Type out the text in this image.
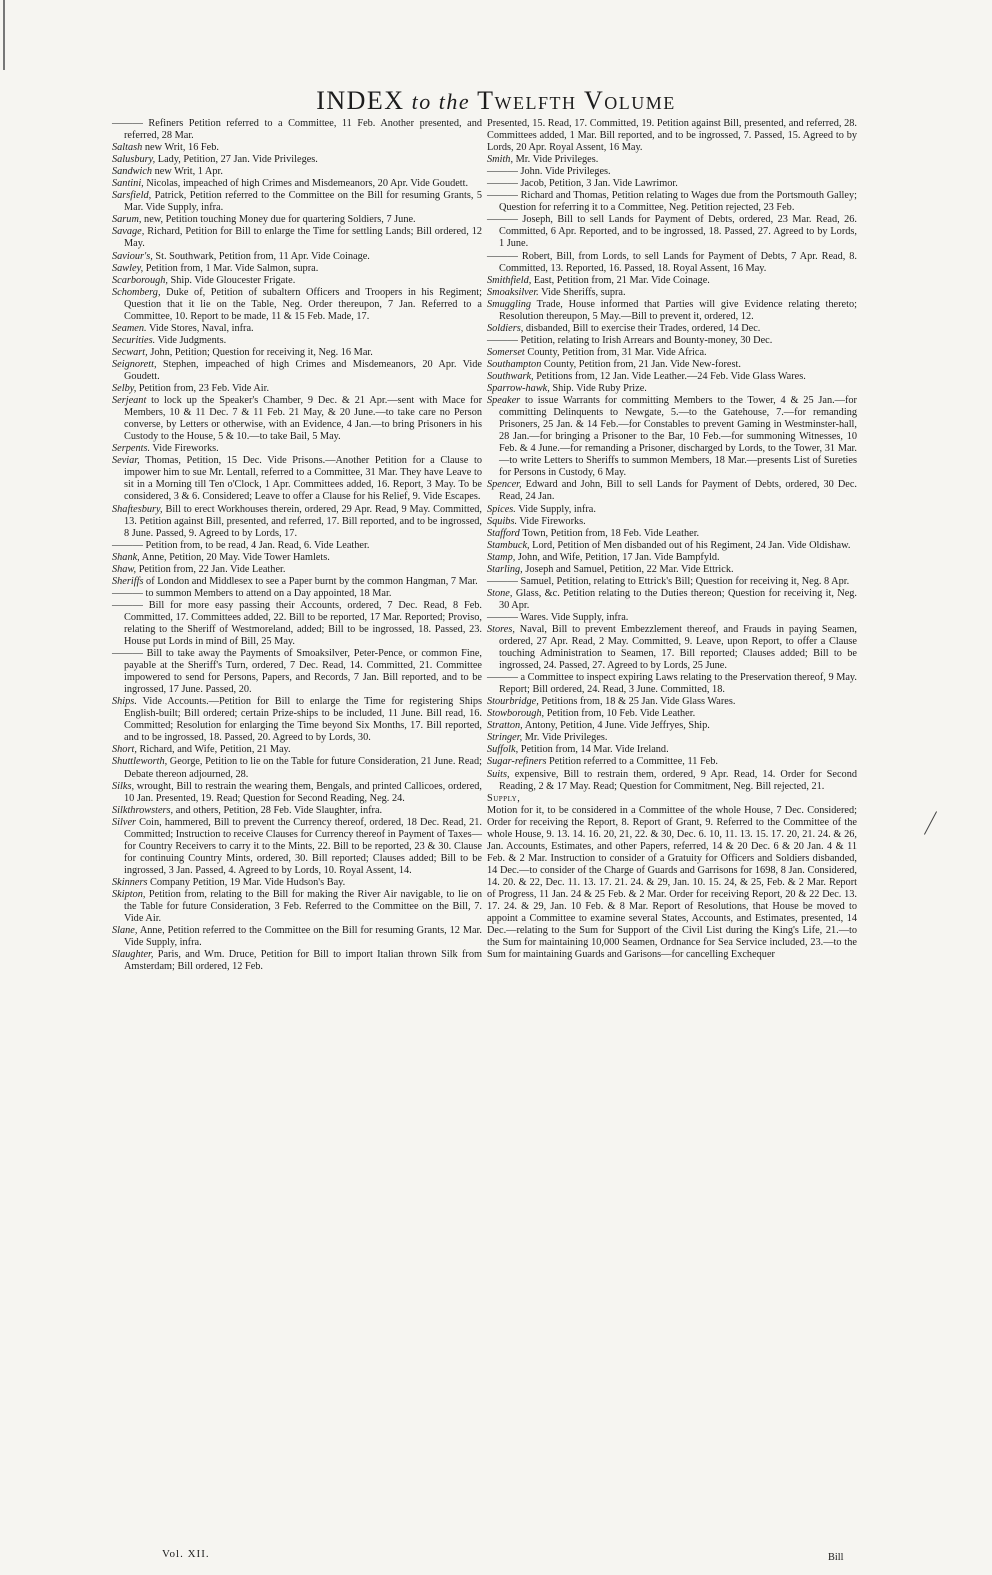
INDEX to the Twelfth Volume

——— Refiners Petition referred to a Committee, 11 Feb. Another presented, and referred, 28 Mar.

Saltash new Writ, 16 Feb.

Salusbury, Lady, Petition, 27 Jan. Vide Privileges.

Sandwich new Writ, 1 Apr.

Santini, Nicolas, impeached of high Crimes and Misdemeanors, 20 Apr. Vide Goudett.

Sarsfield, Patrick, Petition referred to the Committee on the Bill for resuming Grants, 5 Mar. Vide Supply, infra.

Sarum, new, Petition touching Money due for quartering Soldiers, 7 June.

Savage, Richard, Petition for Bill to enlarge the Time for settling Lands; Bill ordered, 12 May.

Saviour's, St. Southwark, Petition from, 11 Apr. Vide Coinage.

Sawley, Petition from, 1 Mar. Vide Salmon, supra.

Scarborough, Ship. Vide Gloucester Frigate.

Schomberg, Duke of, Petition of subaltern Officers and Troopers in his Regiment; Question that it lie on the Table, Neg. Order thereupon, 7 Jan. Referred to a Committee, 10. Report to be made, 11 & 15 Feb. Made, 17.

Seamen. Vide Stores, Naval, infra.

Securities. Vide Judgments.

Secwart, John, Petition; Question for receiving it, Neg. 16 Mar.

Seignorett, Stephen, impeached of high Crimes and Misdemeanors, 20 Apr. Vide Goudett.

Selby, Petition from, 23 Feb. Vide Air.

Serjeant to lock up the Speaker's Chamber, 9 Dec. & 21 Apr.—sent with Mace for Members, 10 & 11 Dec. 7 & 11 Feb. 21 May, & 20 June.—to take care no Person converse, by Letters or otherwise, with an Evidence, 4 Jan.—to bring Prisoners in his Custody to the House, 5 & 10.—to take Bail, 5 May.

Serpents. Vide Fireworks.

Seviar, Thomas, Petition, 15 Dec. Vide Prisons.—Another Petition for a Clause to impower him to sue Mr. Lentall, referred to a Committee, 31 Mar. They have Leave to sit in a Morning till Ten o'Clock, 1 Apr. Committees added, 16. Report, 3 May. To be considered, 3 & 6. Considered; Leave to offer a Clause for his Relief, 9. Vide Escapes.

Shaftesbury, Bill to erect Workhouses therein, ordered, 29 Apr. Read, 9 May. Committed, 13. Petition against Bill, presented, and referred, 17. Bill reported, and to be ingrossed, 8 June. Passed, 9. Agreed to by Lords, 17.

——— Petition from, to be read, 4 Jan. Read, 6. Vide Leather.

Shank, Anne, Petition, 20 May. Vide Tower Hamlets.

Shaw, Petition from, 22 Jan. Vide Leather.

Sheriffs of London and Middlesex to see a Paper burnt by the common Hangman, 7 Mar.

——— to summon Members to attend on a Day appointed, 18 Mar.

——— Bill for more easy passing their Accounts, ordered, 7 Dec. Read, 8 Feb. Committed, 17. Committees added, 22. Bill to be reported, 17 Mar. Reported; Proviso, relating to the Sheriff of Westmoreland, added; Bill to be ingrossed, 18. Passed, 23. House put Lords in mind of Bill, 25 May.

——— Bill to take away the Payments of Smoaksilver, Peter-Pence, or common Fine, payable at the Sheriff's Turn, ordered, 7 Dec. Read, 14. Committed, 21. Committee impowered to send for Persons, Papers, and Records, 7 Jan. Bill reported, and to be ingrossed, 17 June. Passed, 20.

Ships. Vide Accounts.—Petition for Bill to enlarge the Time for registering Ships English-built; Bill ordered; certain Prize-ships to be included, 11 June. Bill read, 16. Committed; Resolution for enlarging the Time beyond Six Months, 17. Bill reported, and to be ingrossed, 18. Passed, 20. Agreed to by Lords, 30.

Short, Richard, and Wife, Petition, 21 May.

Shuttleworth, George, Petition to lie on the Table for future Consideration, 21 June. Read; Debate thereon adjourned, 28.

Silks, wrought, Bill to restrain the wearing them, Bengals, and printed Callicoes, ordered, 10 Jan. Presented, 19. Read; Question for Second Reading, Neg. 24.

Silkthrowsters, and others, Petition, 28 Feb. Vide Slaughter, infra.

Silver Coin, hammered, Bill to prevent the Currency thereof, ordered, 18 Dec. Read, 21. Committed; Instruction to receive Clauses for Currency thereof in Payment of Taxes—for Country Receivers to carry it to the Mints, 22. Bill to be reported, 23 & 30. Clause for continuing Country Mints, ordered, 30. Bill reported; Clauses added; Bill to be ingrossed, 3 Jan. Passed, 4. Agreed to by Lords, 10. Royal Assent, 14.

Skinners Company Petition, 19 Mar. Vide Hudson's Bay.

Skipton, Petition from, relating to the Bill for making the River Air navigable, to lie on the Table for future Consideration, 3 Feb. Referred to the Committee on the Bill, 7. Vide Air.

Slane, Anne, Petition referred to the Committee on the Bill for resuming Grants, 12 Mar. Vide Supply, infra.

Slaughter, Paris, and Wm. Druce, Petition for Bill to import Italian thrown Silk from Amsterdam; Bill ordered, 12 Feb.

Presented, 15. Read, 17. Committed, 19. Petition against Bill, presented, and referred, 28. Committees added, 1 Mar. Bill reported, and to be ingrossed, 7. Passed, 15. Agreed to by Lords, 20 Apr. Royal Assent, 16 May.

Smith, Mr. Vide Privileges.

——— John. Vide Privileges.

——— Jacob, Petition, 3 Jan. Vide Lawrimor.

——— Richard and Thomas, Petition relating to Wages due from the Portsmouth Galley; Question for referring it to a Committee, Neg. Petition rejected, 23 Feb.

——— Joseph, Bill to sell Lands for Payment of Debts, ordered, 23 Mar. Read, 26. Committed, 6 Apr. Reported, and to be ingrossed, 18. Passed, 27. Agreed to by Lords, 1 June.

——— Robert, Bill, from Lords, to sell Lands for Payment of Debts, 7 Apr. Read, 8. Committed, 13. Reported, 16. Passed, 18. Royal Assent, 16 May.

Smithfield, East, Petition from, 21 Mar. Vide Coinage.

Smoaksilver. Vide Sheriffs, supra.

Smuggling Trade, House informed that Parties will give Evidence relating thereto; Resolution thereupon, 5 May.—Bill to prevent it, ordered, 12.

Soldiers, disbanded, Bill to exercise their Trades, ordered, 14 Dec.

——— Petition, relating to Irish Arrears and Bounty-money, 30 Dec.

Somerset County, Petition from, 31 Mar. Vide Africa.

Southampton County, Petition from, 21 Jan. Vide New-forest.

Southwark, Petitions from, 12 Jan. Vide Leather.—24 Feb. Vide Glass Wares.

Sparrow-hawk, Ship. Vide Ruby Prize.

Speaker to issue Warrants for committing Members to the Tower, 4 & 25 Jan.—for committing Delinquents to Newgate, 5.—to the Gatehouse, 7.—for remanding Prisoners, 25 Jan. & 14 Feb.—for Constables to prevent Gaming in Westminster-hall, 28 Jan.—for bringing a Prisoner to the Bar, 10 Feb.—for summoning Witnesses, 10 Feb. & 4 June.—for remanding a Prisoner, discharged by Lords, to the Tower, 31 Mar.—to write Letters to Sheriffs to summon Members, 18 Mar.—presents List of Sureties for Persons in Custody, 6 May.

Spencer, Edward and John, Bill to sell Lands for Payment of Debts, ordered, 30 Dec. Read, 24 Jan.

Spices. Vide Supply, infra.

Squibs. Vide Fireworks.

Stafford Town, Petition from, 18 Feb. Vide Leather.

Stambuck, Lord, Petition of Men disbanded out of his Regiment, 24 Jan. Vide Oldishaw.

Stamp, John, and Wife, Petition, 17 Jan. Vide Bampfyld.

Starling, Joseph and Samuel, Petition, 22 Mar. Vide Ettrick.

——— Samuel, Petition, relating to Ettrick's Bill; Question for receiving it, Neg. 8 Apr.

Stone, Glass, &c. Petition relating to the Duties thereon; Question for receiving it, Neg. 30 Apr.

——— Wares. Vide Supply, infra.

Stores, Naval, Bill to prevent Embezzlement thereof, and Frauds in paying Seamen, ordered, 27 Apr. Read, 2 May. Committed, 9. Leave, upon Report, to offer a Clause touching Administration to Seamen, 17. Bill reported; Clauses added; Bill to be ingrossed, 24. Passed, 27. Agreed to by Lords, 25 June.

——— a Committee to inspect expiring Laws relating to the Preservation thereof, 9 May. Report; Bill ordered, 24. Read, 3 June. Committed, 18.

Stourbridge, Petitions from, 18 & 25 Jan. Vide Glass Wares.

Stowborough, Petition from, 10 Feb. Vide Leather.

Stratton, Antony, Petition, 4 June. Vide Jeffryes, Ship.

Stringer, Mr. Vide Privileges.

Suffolk, Petition from, 14 Mar. Vide Ireland.

Sugar-refiners Petition referred to a Committee, 11 Feb.

Suits, expensive, Bill to restrain them, ordered, 9 Apr. Read, 14. Order for Second Reading, 2 & 17 May. Read; Question for Commitment, Neg. Bill rejected, 21.

Supply,

Motion for it, to be considered in a Committee of the whole House, 7 Dec. Considered; Order for receiving the Report, 8. Report of Grant, 9. Referred to the Committee of the whole House, 9. 13. 14. 16. 20, 21, 22. & 30, Dec. 6. 10, 11. 13. 15. 17. 20, 21. 24. & 26, Jan. Accounts, Estimates, and other Papers, referred, 14 & 20 Dec. 6 & 20 Jan. 4 & 11 Feb. & 2 Mar. Instruction to consider of a Gratuity for Officers and Soldiers disbanded, 14 Dec.—to consider of the Charge of Guards and Garrisons for 1698, 8 Jan. Considered, 14. 20. & 22, Dec. 11. 13. 17. 21. 24. & 29, Jan. 10. 15. 24, & 25, Feb. & 2 Mar. Report of Progress, 11 Jan. 24 & 25 Feb. & 2 Mar. Order for receiving Report, 20 & 22 Dec. 13. 17. 24. & 29, Jan. 10 Feb. & 8 Mar. Report of Resolutions, that House be moved to appoint a Committee to examine several States, Accounts, and Estimates, presented, 14 Dec.—relating to the Sum for Support of the Civil List during the King's Life, 21.—to the Sum for maintaining 10,000 Seamen, Ordnance for Sea Service included, 23.—to the Sum for maintaining Guards and Garisons—for cancelling Exchequer

Vol. XII.	Bill
